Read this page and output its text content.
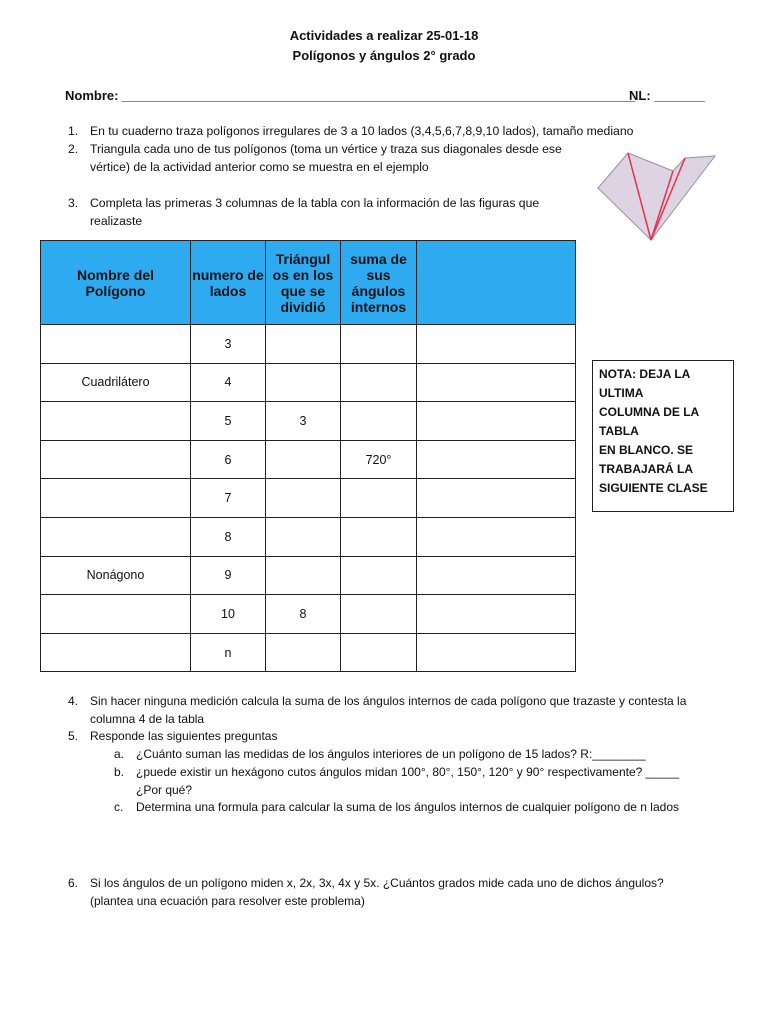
Actividades a realizar 25-01-18
Polígonos y ángulos 2° grado
Nombre: _______________________________________________________________________
NL: _______
1. En tu cuaderno traza polígonos irregulares de 3 a 10 lados (3,4,5,6,7,8,9,10 lados), tamaño mediano
2. Triangula cada uno de tus polígonos (toma un vértice y traza sus diagonales desde ese
vértice) de la actividad anterior como se muestra en el ejemplo
3. Completa las primeras 3 columnas de la tabla con la información de las figuras que
realizaste
Nombre del Polígono	numero de lados	Triángul os en los que se dividió	suma de sus ángulos internos	
	3			
Cuadrilátero	4			
	5	3		
	6		720°	
	7			
	8			
Nonágono	9			
	10	8		
	n			
NOTA: DEJA LA ULTIMA
COLUMNA DE LA TABLA
EN BLANCO. SE
TRABAJARÁ LA
SIGUIENTE CLASE
4. Sin hacer ninguna medición calcula la suma de los ángulos internos de cada polígono que trazaste y contesta la
columna 4 de la tabla
5. Responde las siguientes preguntas
a. ¿Cuánto suman las medidas de los ángulos interiores de un polígono de 15 lados? R:________
b. ¿puede existir un hexágono cutos ángulos midan 100°, 80°, 150°, 120° y 90° respectivamente? _____
¿Por qué?
c. Determina una formula para calcular la suma de los ángulos internos de cualquier polígono de n lados
6. Si los ángulos de un polígono miden x, 2x, 3x, 4x y 5x. ¿Cuántos grados mide cada uno de dichos ángulos?
(plantea una ecuación para resolver este problema)
